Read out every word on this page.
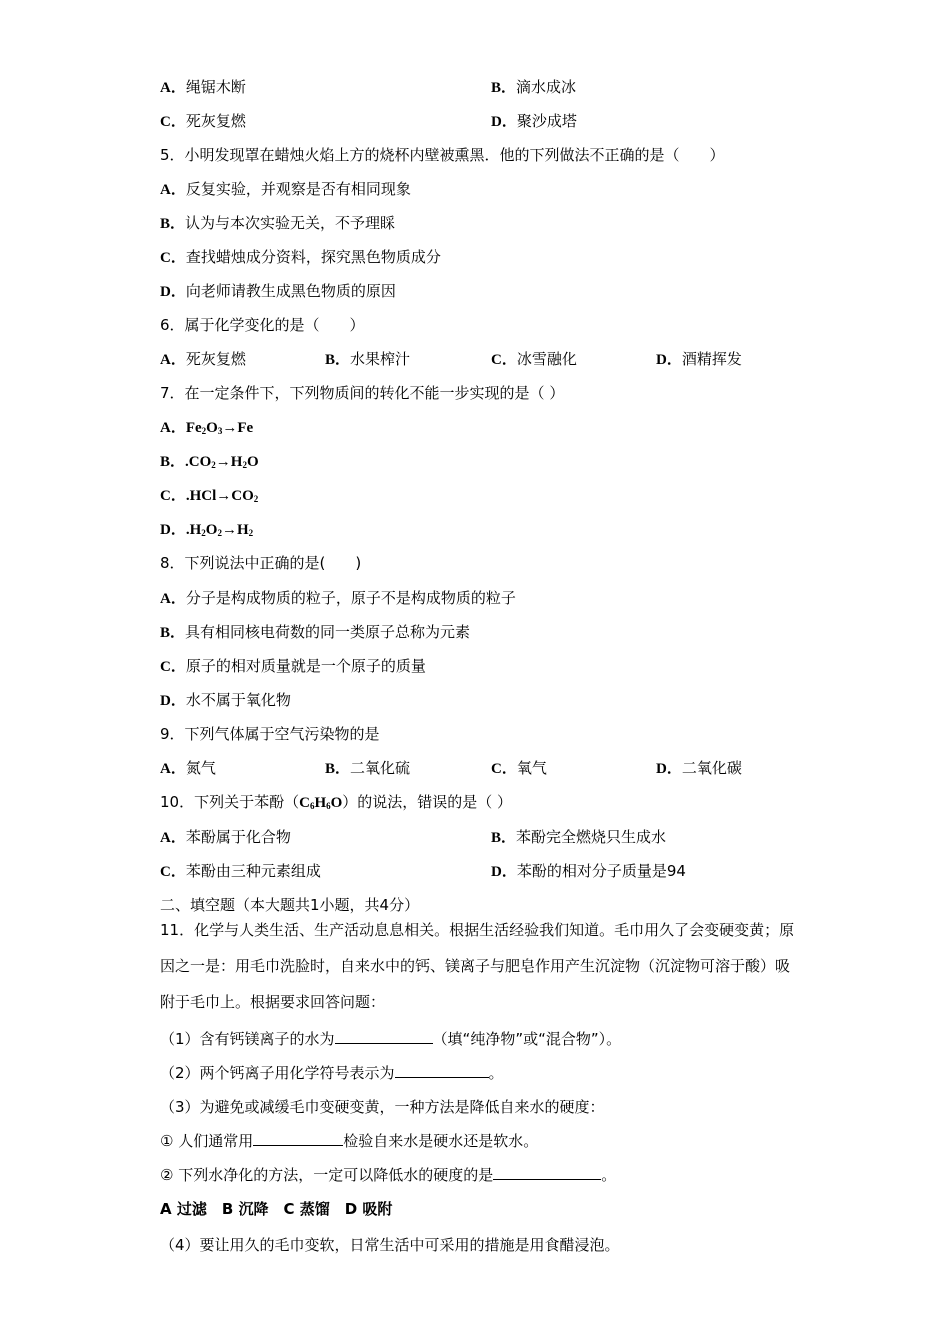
A．绳锯木断	B．滴水成冰
C．死灰复燃	D．聚沙成塔
5．小明发现罩在蜡烛火焰上方的烧杯内壁被熏黑．他的下列做法不正确的是（　　）
A．反复实验，并观察是否有相同现象
B．认为与本次实验无关，不予理睬
C．查找蜡烛成分资料，探究黑色物质成分
D．向老师请教生成黑色物质的原因
6．属于化学变化的是（　　）
A．死灰复燃	B．水果榨汁	C．冰雪融化	D．酒精挥发
7．在一定条件下，下列物质间的转化不能一步实现的是（ ）
A．$Fe_2O_3\to Fe$
B．$.CO_2\to H_2O$
C．$.HCl\to CO_2$
D．$.H_2O_2\to H_2$
8．下列说法中正确的是(　　)
A．分子是构成物质的粒子，原子不是构成物质的粒子
B．具有相同核电荷数的同一类原子总称为元素
C．原子的相对质量就是一个原子的质量
D．水不属于氧化物
9．下列气体属于空气污染物的是
A．氮气	B．二氧化硫	C．氧气	D．二氧化碳
10．下列关于苯酚$(C_6H_6O)$的说法，错误的是（ ）
A．苯酚属于化合物	B．苯酚完全燃烧只生成水
C．苯酚由三种元素组成	D．苯酚的相对分子质量是94
二、填空题（本大题共1小题，共4分）
11．化学与人类生活、生产活动息息相关。根据生活经验我们知道。毛巾用久了会变硬变黄；原因之一是：用毛巾洗脸时，自来水中的钙、镁离子与肥皂作用产生沉淀物（沉淀物可溶于酸）吸附于毛巾上。根据要求回答问题：
（1）含有钙镁离子的水为	（填“纯净物”或“混合物”）。
（2）两个钙离子用化学符号表示为	。
（3）为避免或减缓毛巾变硬变黄，一种方法是降低自来水的硬度：
① 人们通常用	检验自来水是硬水还是软水。
② 下列水净化的方法，一定可以降低水的硬度的是	。
A 过滤　B 沉降　C 蒸馏　D 吸附
（4）要让用久的毛巾变软，日常生活中可采用的措施是用食醋浸泡。
